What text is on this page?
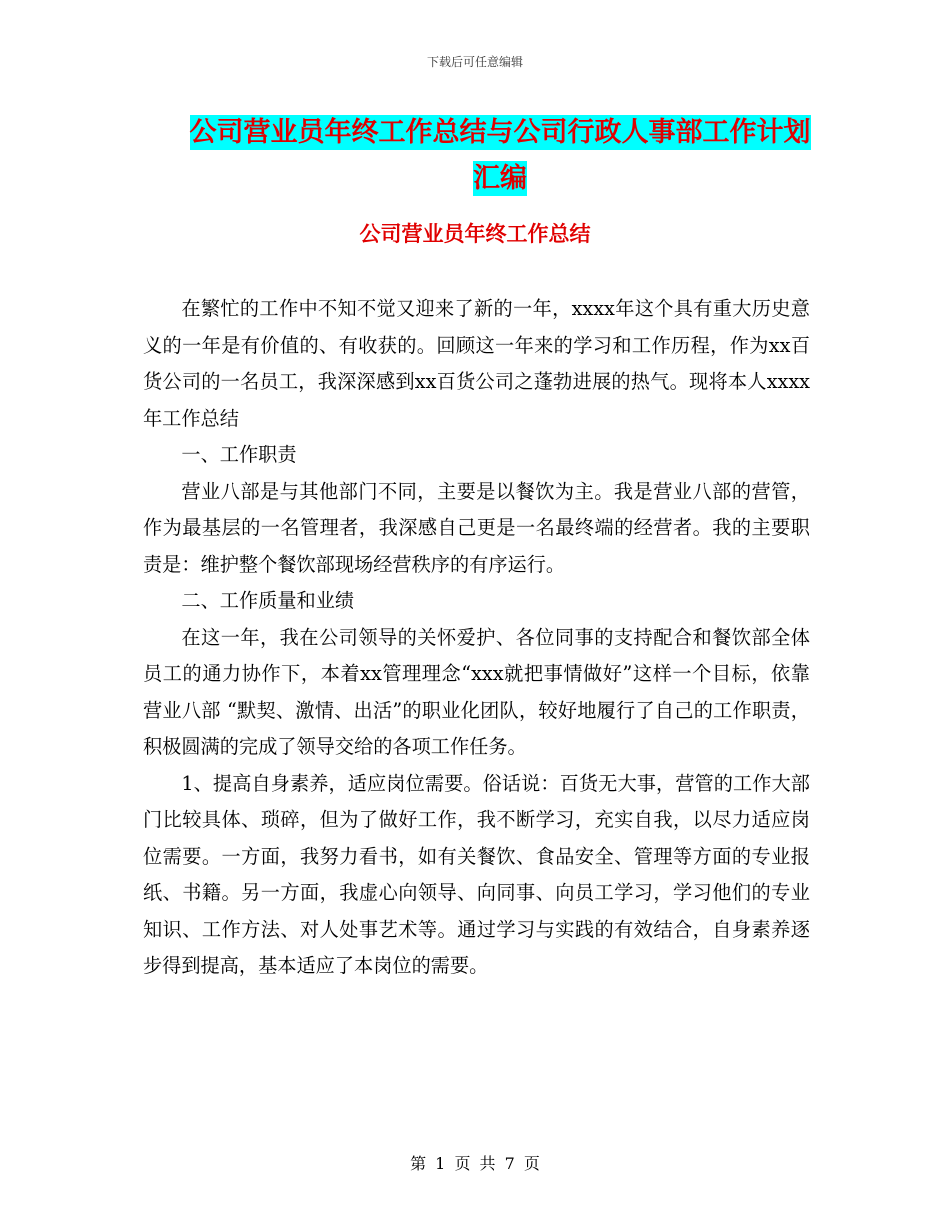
下载后可任意编辑
公司营业员年终工作总结与公司行政人事部工作计划
汇编
公司营业员年终工作总结

在繁忙的工作中不知不觉又迎来了新的一年，xxxx年这个具有重大历史意义的一年是有价值的、有收获的。回顾这一年来的学习和工作历程，作为xx百货公司的一名员工，我深深感到xx百货公司之蓬勃进展的热气。现将本人xxxx年工作总结

一、工作职责

营业八部是与其他部门不同，主要是以餐饮为主。我是营业八部的营管，作为最基层的一名管理者，我深感自己更是一名最终端的经营者。我的主要职责是：维护整个餐饮部现场经营秩序的有序运行。

二、工作质量和业绩

在这一年，我在公司领导的关怀爱护、各位同事的支持配合和餐饮部全体员工的通力协作下，本着xx管理理念“xxx就把事情做好”这样一个目标，依靠营业八部 “默契、激情、出活”的职业化团队，较好地履行了自己的工作职责，积极圆满的完成了领导交给的各项工作任务。

1、提高自身素养，适应岗位需要。俗话说：百货无大事，营管的工作大部门比较具体、琐碎，但为了做好工作，我不断学习，充实自我，以尽力适应岗位需要。一方面，我努力看书，如有关餐饮、食品安全、管理等方面的专业报纸、书籍。另一方面，我虚心向领导、向同事、向员工学习，学习他们的专业知识、工作方法、对人处事艺术等。通过学习与实践的有效结合，自身素养逐步得到提高，基本适应了本岗位的需要。

第 1 页 共 7 页
